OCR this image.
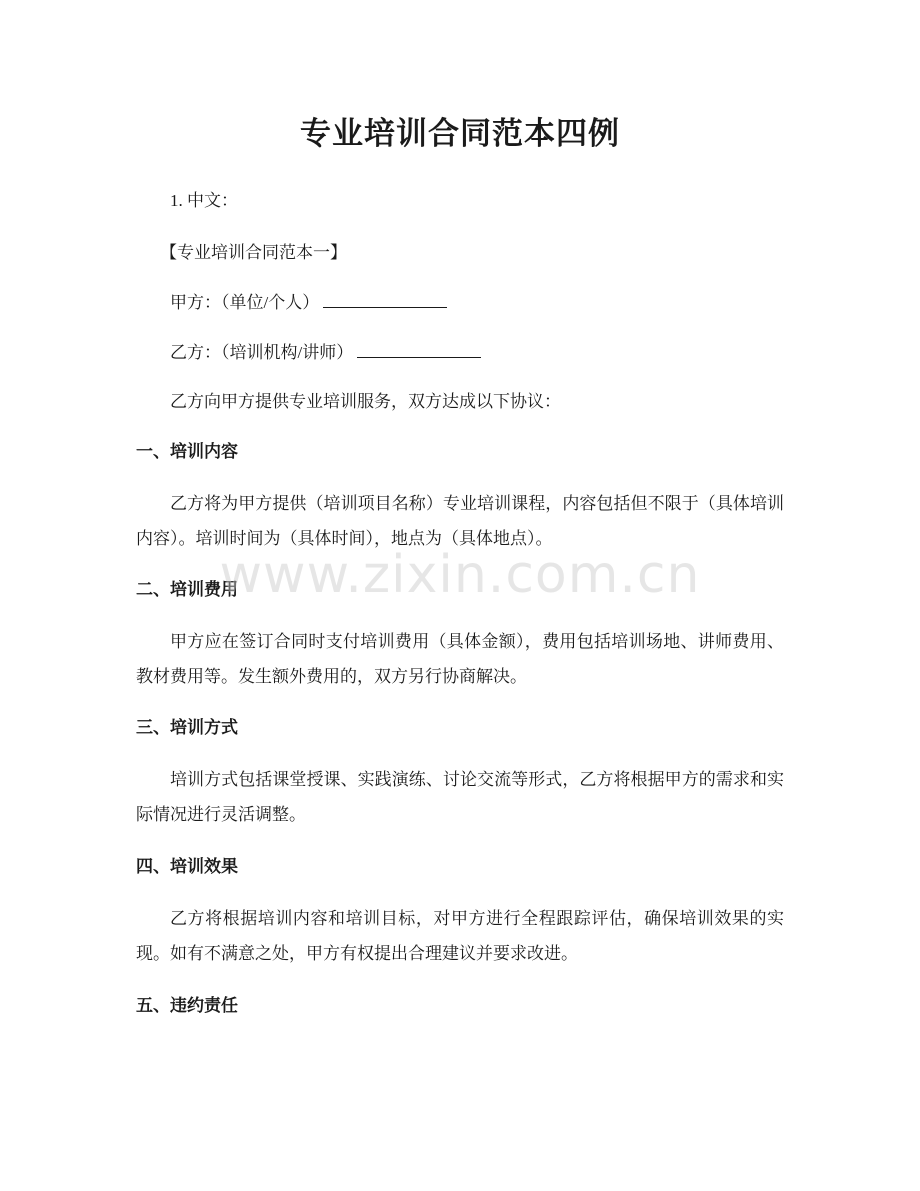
专业培训合同范本四例

1. 中文：

【专业培训合同范本一】

甲方：（单位/个人）

乙方：（培训机构/讲师）

乙方向甲方提供专业培训服务，双方达成以下协议：

一、培训内容

乙方将为甲方提供（培训项目名称）专业培训课程，内容包括但不限于（具体培训内容）。培训时间为（具体时间），地点为（具体地点）。

二、培训费用

甲方应在签订合同时支付培训费用（具体金额），费用包括培训场地、讲师费用、教材费用等。发生额外费用的，双方另行协商解决。

三、培训方式

培训方式包括课堂授课、实践演练、讨论交流等形式，乙方将根据甲方的需求和实际情况进行灵活调整。

四、培训效果

乙方将根据培训内容和培训目标，对甲方进行全程跟踪评估，确保培训效果的实现。如有不满意之处，甲方有权提出合理建议并要求改进。

五、违约责任
www.zixin.com.cn
